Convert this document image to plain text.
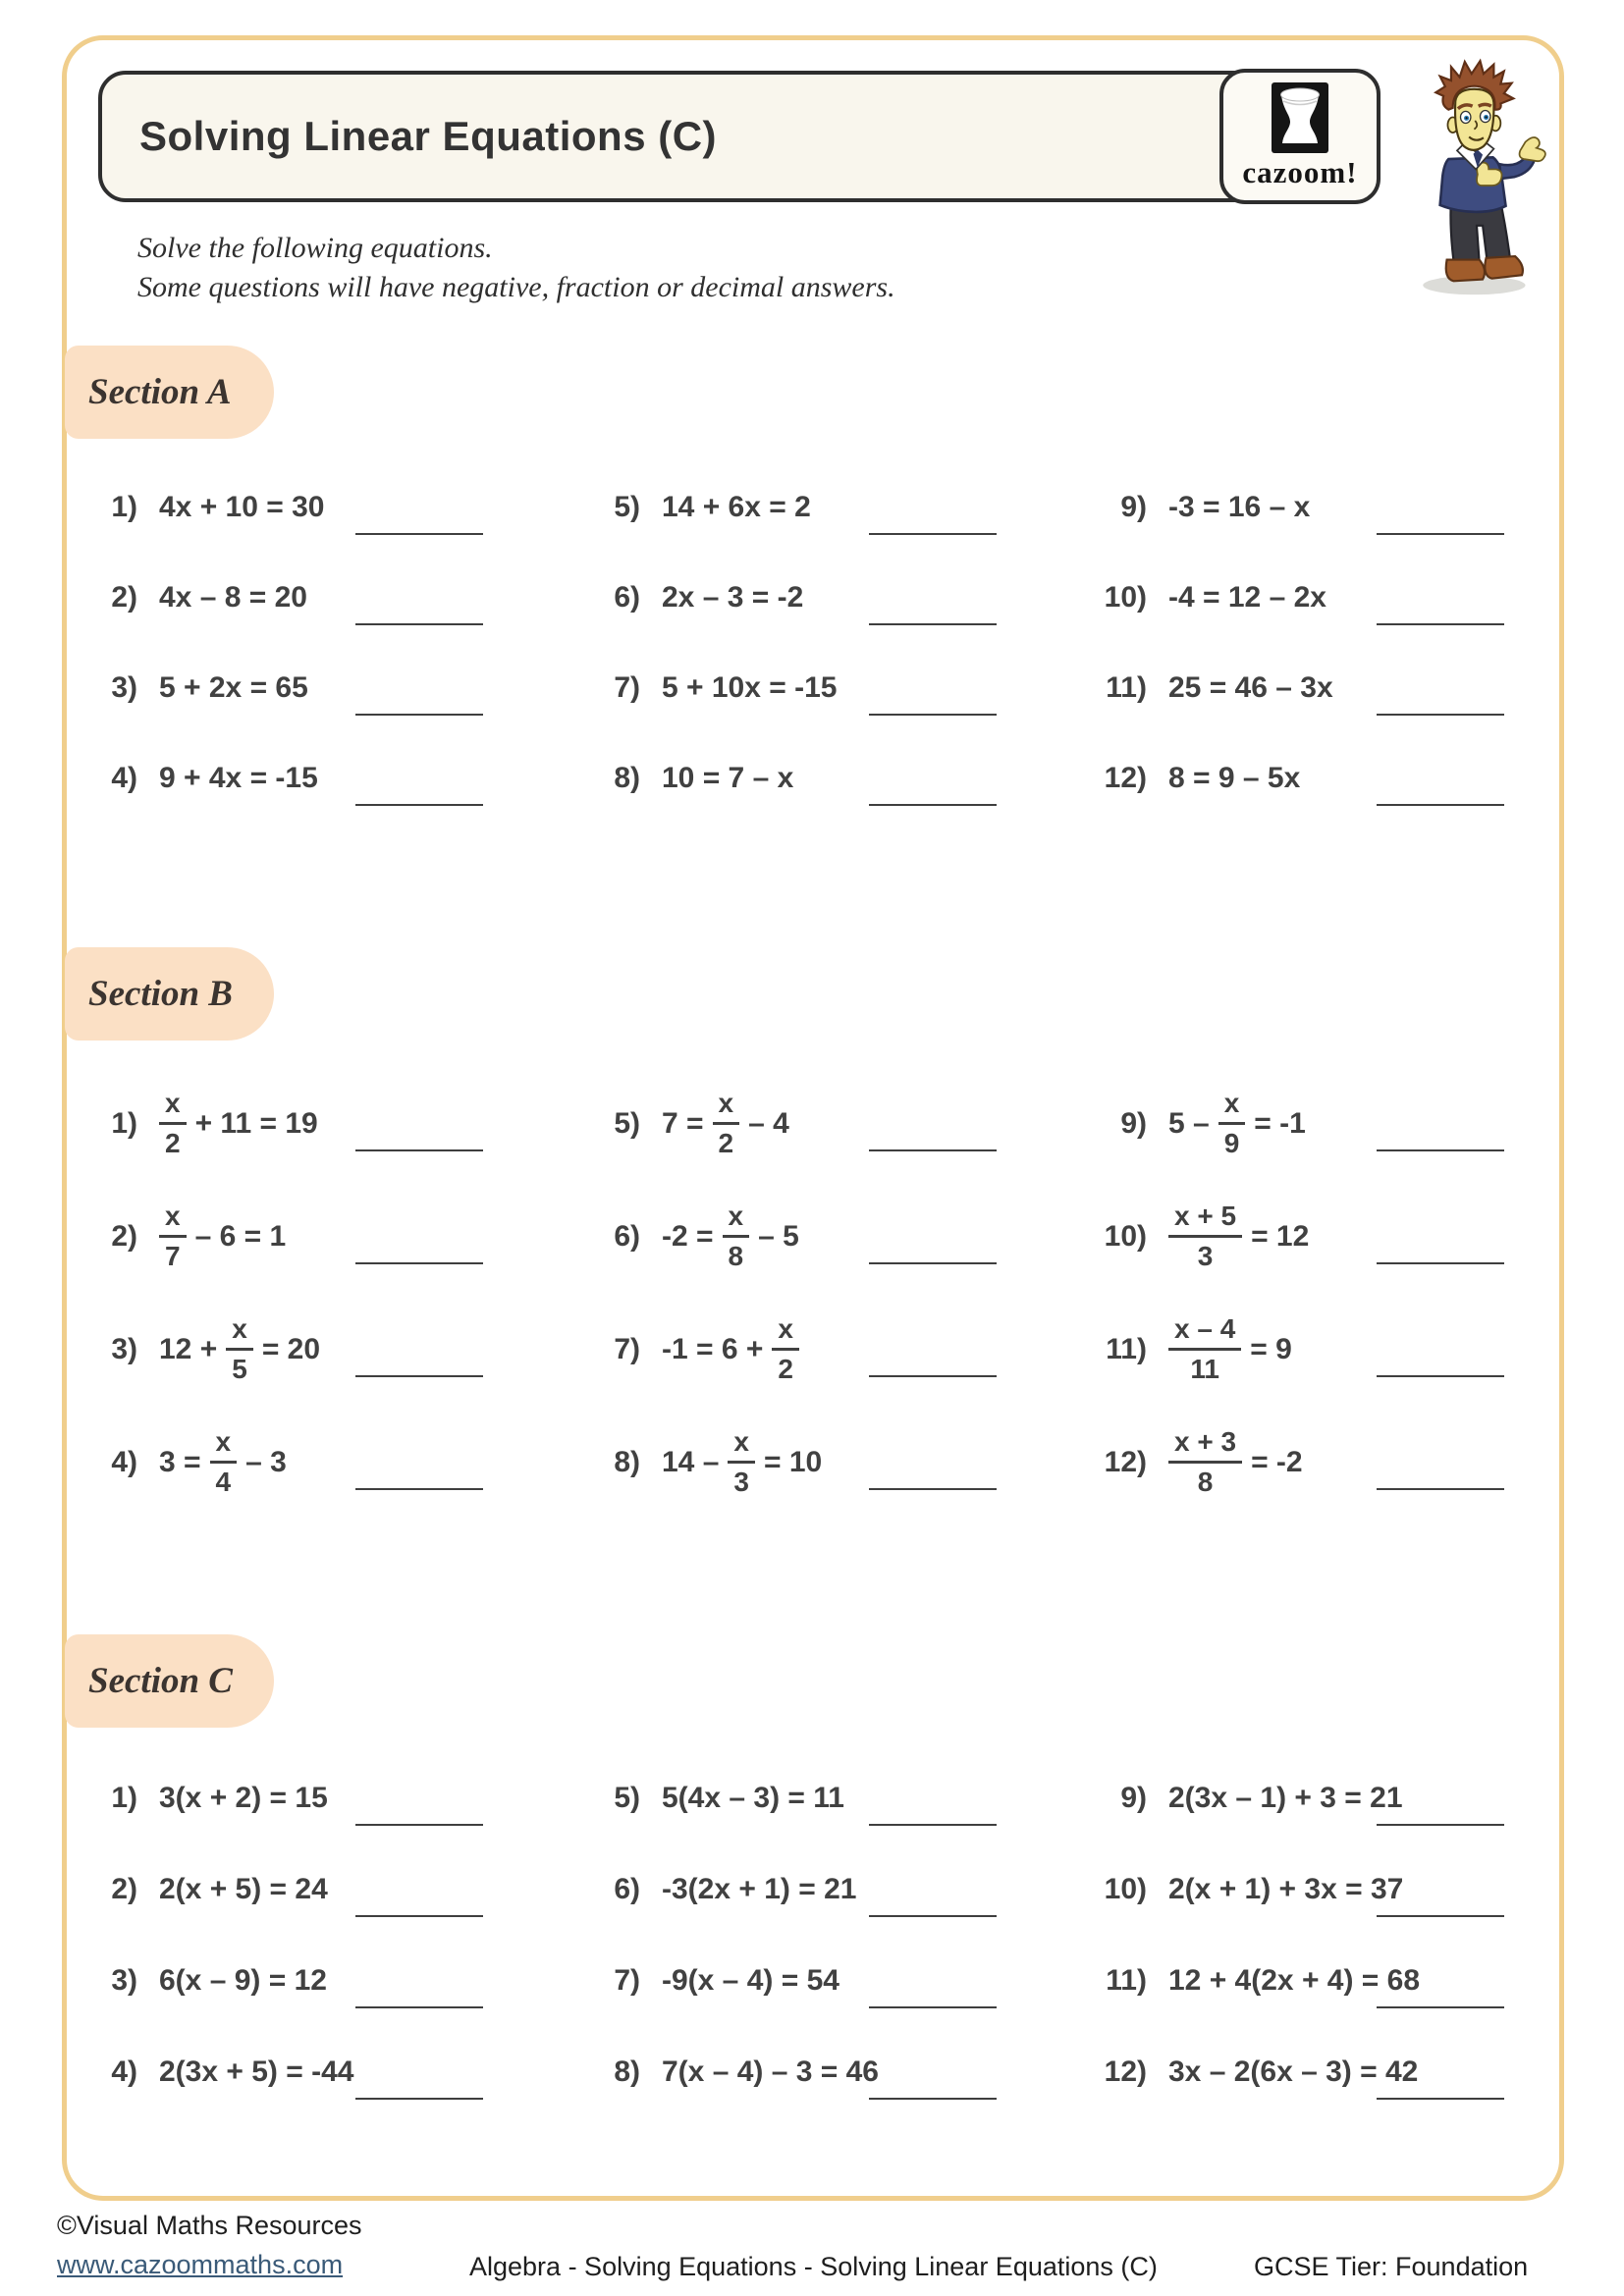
Solving Linear Equations (C)
cazoom!
Solve the following equations.
Some questions will have negative, fraction or decimal answers.
Section A
1) 4x + 10 = 30
2) 4x – 8 = 20
3) 5 + 2x = 65
4) 9 + 4x = -15
5) 14 + 6x = 2
6) 2x – 3 = -2
7) 5 + 10x = -15
8) 10 = 7 – x
9) -3 = 16 – x
10) -4 = 12 – 2x
11) 25 = 46 – 3x
12) 8 = 9 – 5x
Section B
$1) \frac{x}{2} + 11 = 19$
$2) \frac{x}{7} - 6 = 1$
3) $12 + \frac{x}{5} = 20$
4) $3 = \frac{x}{4} - 3$
5) $7 = \frac{x}{2} - 4$
6) $-2 = \frac{x}{8} - 5$
7) $-1 = 6 + \frac{x}{2}$
8) $14 - \frac{x}{3} = 10$
9) $5 - \frac{x}{9} = -1$
$10) \frac{x + 5}{3} = 12$
$11) \frac{x - 4}{11} = 9$
$12) \frac{x + 3}{8} = -2$
Section C
1) 3(x + 2) = 15
2) 2(x + 5) = 24
3) 6(x – 9) = 12
4) 2(3x + 5) = -44
5) 5(4x – 3) = 11
6) -3(2x + 1) = 21
7) -9(x – 4) = 54
8) 7(x – 4) – 3 = 46
9) 2(3x – 1) + 3 = 21
10) 2(x + 1) + 3x = 37
11) 12 + 4(2x + 4) = 68
12) 3x – 2(6x – 3) = 42
©Visual Maths Resources
www.cazoommaths.com	Algebra - Solving Equations - Solving Linear Equations (C)	GCSE Tier: Foundation
